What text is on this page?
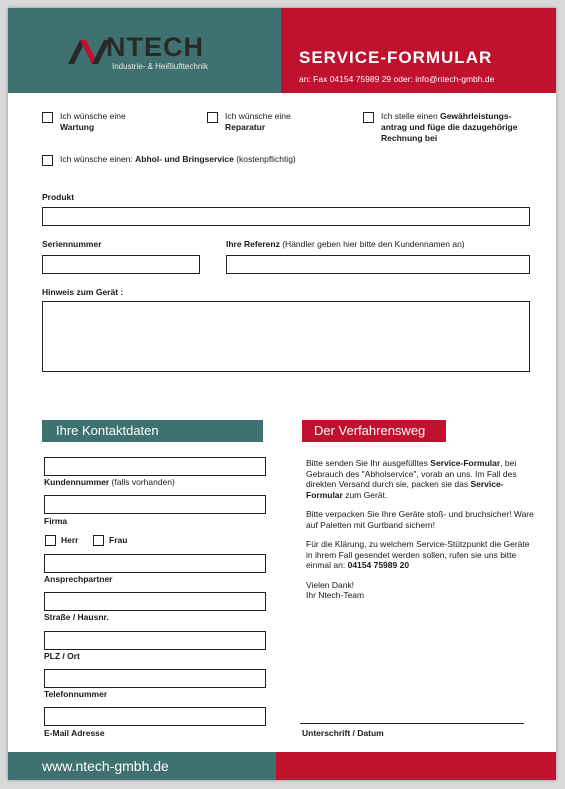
NTECH
Industrie- & Heißlufttechnik	SERVICE-FORMULAR
an: Fax 04154 75989 29 oder: info@ntech-gmbh.de
Ich wünsche eine
Wartung
Ich wünsche eine
Reparatur
Ich stelle einen Gewährleistungs-
antrag und füge die dazugehörige
Rechnung bei
Ich wünsche einen: Abhol- und Bringservice (kostenpflichtig)
Produkt
Seriennummer	Ihre Referenz (Händler geben hier bitte den Kundennamen an)
Hinweis zum Gerät :
Ihre Kontaktdaten
Kundennummer (falls vorhanden)
Firma
Herr	Frau
Ansprechpartner
Straße / Hausnr.
PLZ / Ort
Telefonnummer
E-Mail Adresse
Der Verfahrensweg

Bitte senden Sie Ihr ausgefülltes Service-Formular, bei Gebrauch des "Abholservice", vorab an uns. Im Fall des direkten Versand durch sie, packen sie das Service-Formular zum Gerät.

Bitte verpacken Sie Ihre Geräte stoß- und bruchsicher! Ware auf Paletten mit Gurtband sichern!

Für die Klärung, zu welchem Service-Stützpunkt die Geräte in ihrem Fall gesendet werden sollen, rufen sie uns bitte einmal an: 04154 75989 20

Vielen Dank!
Ihr Ntech-Team

Unterschrift / Datum
www.ntech-gmbh.de
